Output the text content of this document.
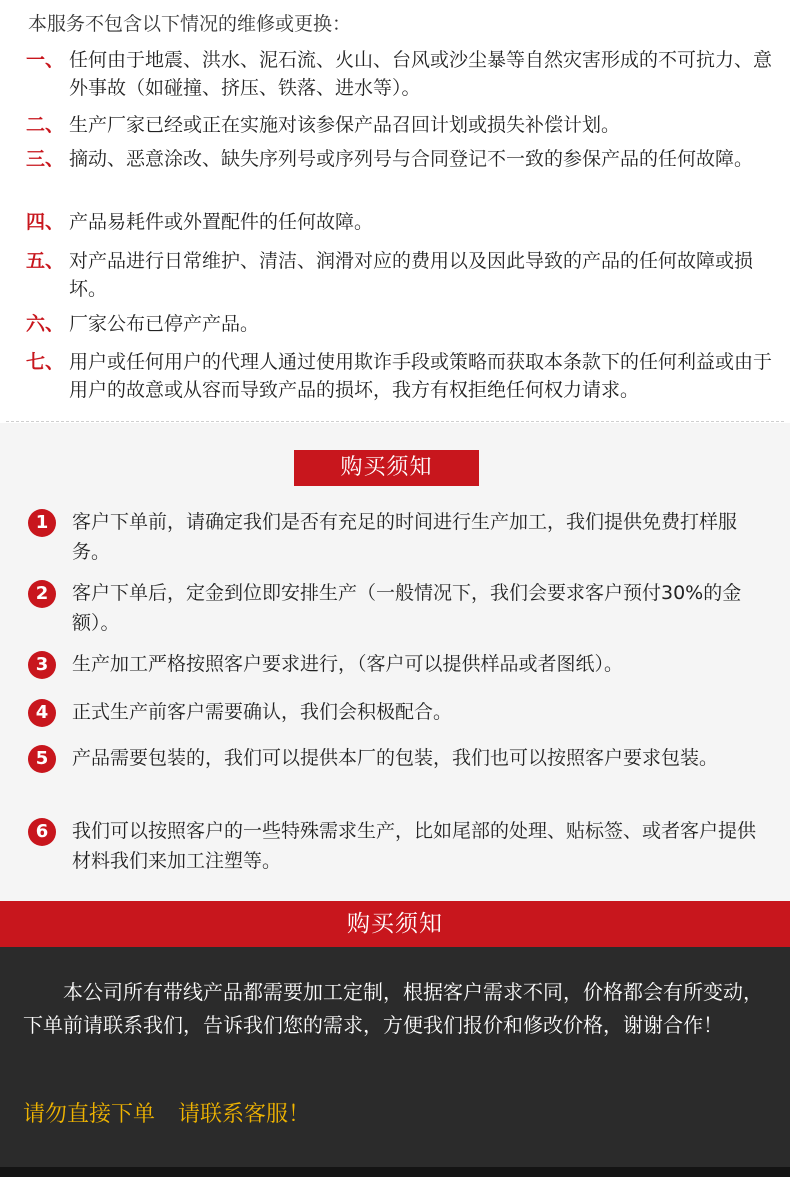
本服务不包含以下情况的维修或更换：
一、 任何由于地震、洪水、泥石流、火山、台风或沙尘暴等自然灾害形成的不可抗力、意外事故（如碰撞、挤压、铁落、进水等）。
二、 生产厂家已经或正在实施对该参保产品召回计划或损失补偿计划。
三、 摘动、恶意涂改、缺失序列号或序列号与合同登记不一致的参保产品的任何故障。
四、 产品易耗件或外置配件的任何故障。
五、 对产品进行日常维护、清洁、润滑对应的费用以及因此导致的产品的任何故障或损坏。
六、 厂家公布已停产产品。
七、 用户或任何用户的代理人通过使用欺诈手段或策略而获取本条款下的任何利益或由于用户的故意或从容而导致产品的损坏，我方有权拒绝任何权力请求。
购买须知
1	客户下单前，请确定我们是否有充足的时间进行生产加工，我们提供免费打样服务。
2	客户下单后，定金到位即安排生产（一般情况下，我们会要求客户预付30%的金额）。
3	生产加工严格按照客户要求进行，（客户可以提供样品或者图纸）。
4	正式生产前客户需要确认，我们会积极配合。
5	产品需要包装的，我们可以提供本厂的包装，我们也可以按照客户要求包装。
6	我们可以按照客户的一些特殊需求生产，比如尾部的处理、贴标签、或者客户提供材料我们来加工注塑等。
购买须知
本公司所有带线产品都需要加工定制，根据客户需求不同，价格都会有所变动，下单前请联系我们，告诉我们您的需求，方便我们报价和修改价格，谢谢合作！
请勿直接下单 请联系客服！
